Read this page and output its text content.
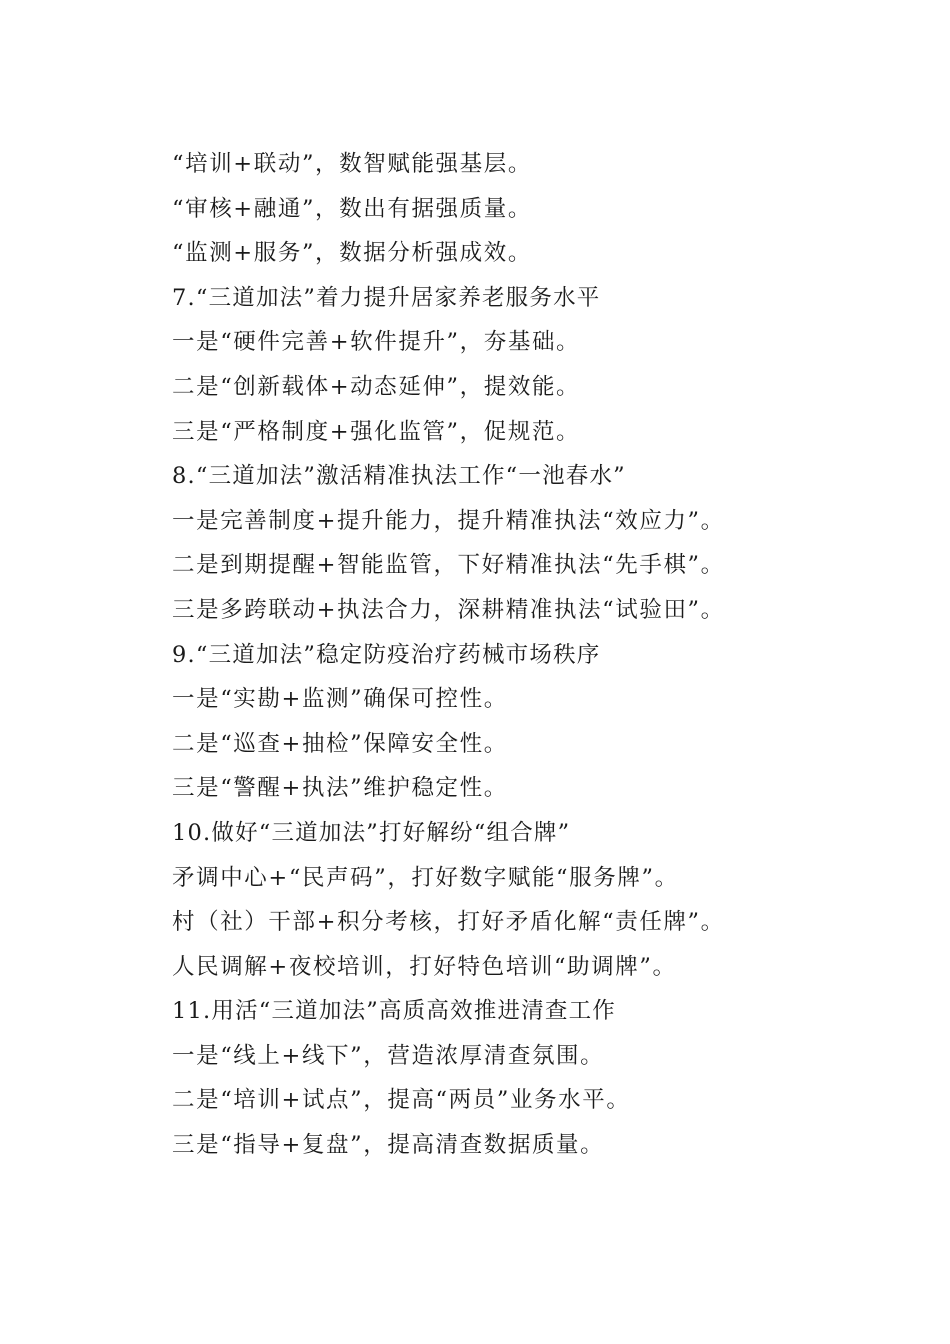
“培训+联动”，数智赋能强基层。
“审核+融通”，数出有据强质量。
“监测+服务”，数据分析强成效。
7.“三道加法”着力提升居家养老服务水平
一是“硬件完善+软件提升”，夯基础。
二是“创新载体+动态延伸”，提效能。
三是“严格制度+强化监管”，促规范。
8.“三道加法”激活精准执法工作“一池春水”
一是完善制度+提升能力，提升精准执法“效应力”。
二是到期提醒+智能监管，下好精准执法“先手棋”。
三是多跨联动+执法合力，深耕精准执法“试验田”。
9.“三道加法”稳定防疫治疗药械市场秩序
一是“实勘+监测”确保可控性。
二是“巡查+抽检”保障安全性。
三是“警醒+执法”维护稳定性。
10.做好“三道加法”打好解纷“组合牌”
矛调中心+“民声码”，打好数字赋能“服务牌”。
村（社）干部+积分考核，打好矛盾化解“责任牌”。
人民调解+夜校培训，打好特色培训“助调牌”。
11.用活“三道加法”高质高效推进清查工作
一是“线上+线下”，营造浓厚清查氛围。
二是“培训+试点”，提高“两员”业务水平。
三是“指导+复盘”，提高清查数据质量。
